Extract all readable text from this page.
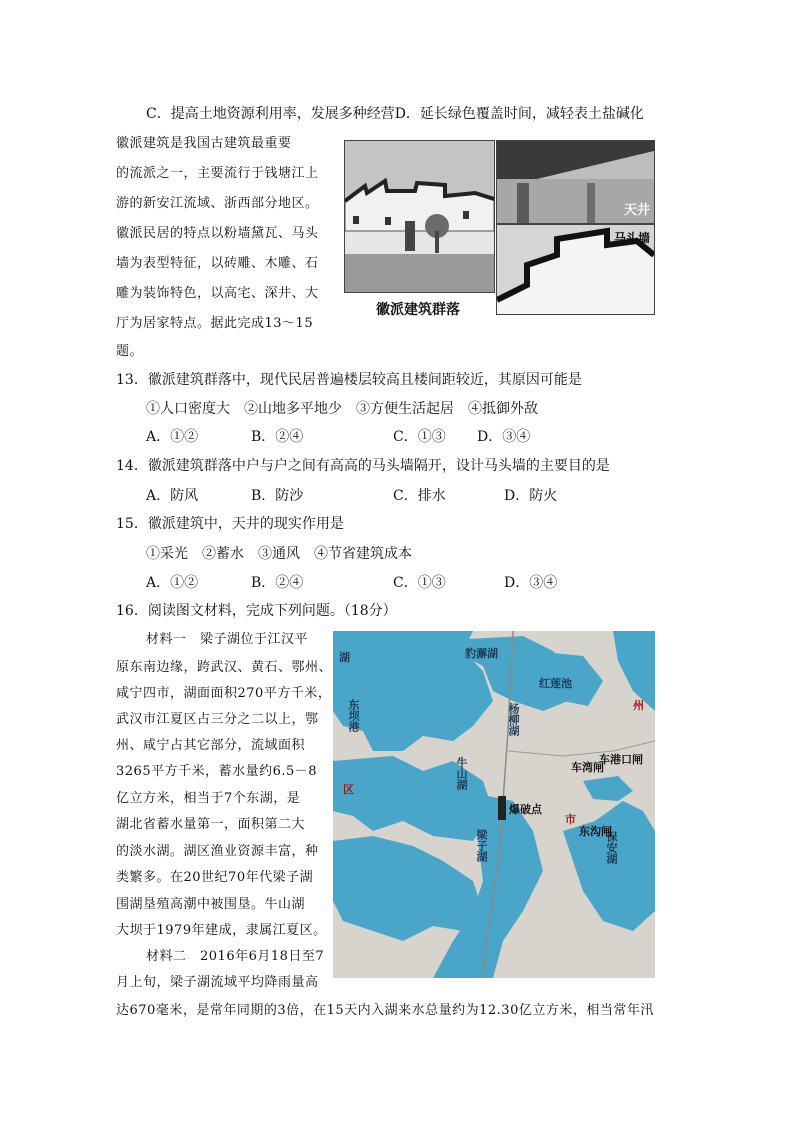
C．提高土地资源利用率，发展多种经营D．延长绿色覆盖时间，减轻表土盐碱化
徽派建筑是我国古建筑最重要
的流派之一，主要流行于钱塘江上
游的新安江流域、浙西部分地区。
徽派民居的特点以粉墙黛瓦、马头
墙为表型特征，以砖雕、木雕、石
雕为装饰特色，以高宅、深井、大
厅为居家特点。据此完成13～15
题。
徽派建筑群落
天井
马头墙
13．徽派建筑群落中，现代民居普遍楼层较高且楼间距较近，其原因可能是
①人口密度大　②山地多平地少　③方便生活起居　④抵御外敌
A．①②	B．②④	C．①③ D．③④
14．徽派建筑群落中户与户之间有高高的马头墙隔开，设计马头墙的主要目的是
A．防风	B．防沙	C．排水	D．防火
15．徽派建筑中，天井的现实作用是
①采光　②蓄水　③通风　④节省建筑成本
A．①②	B．②④	C．①③	D．③④
16．阅读图文材料，完成下列问题。（18分）
材料一　梁子湖位于江汉平
原东南边缘，跨武汉、黄石、鄂州、
咸宁四市，湖面面积270平方千米，
武汉市江夏区占三分之二以上，鄂
州、咸宁占其它部分，流域面积
3265平方千米，蓄水量约6.5－8
亿立方米，相当于7个东湖，是
湖北省蓄水量第一，面积第二大
的淡水湖。湖区渔业资源丰富，种
类繁多。在20世纪70年代梁子湖
围湖垦殖高潮中被围垦。牛山湖
大坝于1979年建成，隶属江夏区。
材料二　2016年6月18日至7
月上旬，梁子湖流域平均降雨量高
达670毫米，是常年同期的3倍，在15天内入湖来水总量约为12.30亿立方米，相当常年汛
豹澥湖
红莲池
杨柳湖
东坝港
牛山湖
爆破点
车湾闸
车港口闸
梁子湖	保安湖
东沟闸
州
市
区
湖
